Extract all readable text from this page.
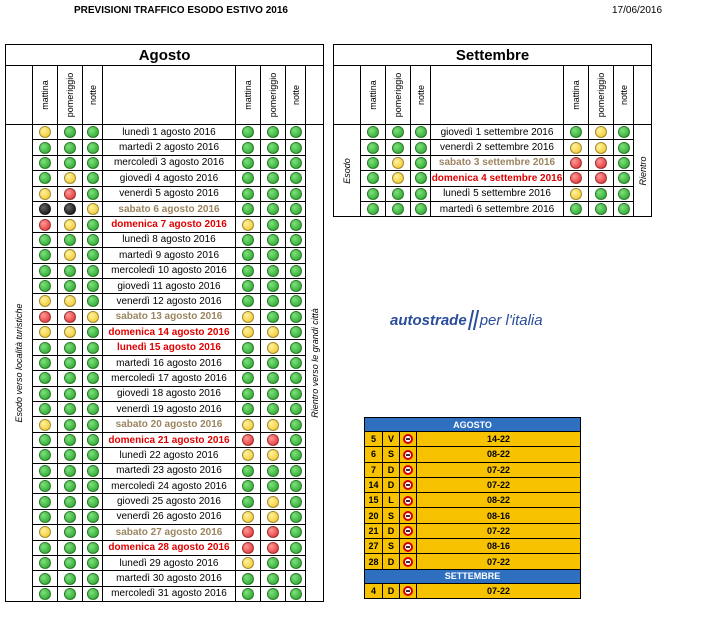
PREVISIONI TRAFFICO ESODO ESTIVO 2016	17/06/2016
Agosto								

	mattina	pomeriggio	notte		mattina	pomeriggio	notte	

Esodo verso località turistiche				lunedì 1 agosto 2016				Rientro verso le grandi città

		martedì 2 agosto 2016		

		mercoledì 3 agosto 2016		

		giovedì 4 agosto 2016		

		venerdì 5 agosto 2016		

		sabato 6 agosto 2016		

		domenica 7 agosto 2016		

		lunedì 8 agosto 2016		

		martedì 9 agosto 2016		

		mercoledì 10 agosto 2016		

		giovedì 11 agosto 2016		

		venerdì 12 agosto 2016		

		sabato 13 agosto 2016		

		domenica 14 agosto 2016		

		lunedì 15 agosto 2016		

		martedì 16 agosto 2016		

		mercoledì 17 agosto 2016		

		giovedì 18 agosto 2016		

		venerdì 19 agosto 2016		

		sabato 20 agosto 2016		

		domenica 21 agosto 2016		

		lunedì 22 agosto 2016		

		martedì 23 agosto 2016		

		mercoledì 24 agosto 2016		

		giovedì 25 agosto 2016		

		venerdì 26 agosto 2016		

		sabato 27 agosto 2016		

		domenica 28 agosto 2016		

		lunedì 29 agosto 2016		

		martedì 30 agosto 2016		

		mercoledì 31 agosto 2016		

Settembre								

	mattina	pomeriggio	notte		mattina	pomeriggio	notte	

Esodo				giovedì 1 settembre 2016				Rientro

		venerdì 2 settembre 2016		

		sabato 3 settembre 2016		

		domenica 4 settembre 2016		

		lunedì 5 settembre 2016		

		martedì 6 settembre 2016		

autostrade per l'italia
AGOSTO			
5	V		14-22
6	S		08-22
7	D		07-22
14	D		07-22
15	L		08-22
20	S		08-16
21	D		07-22
27	S		08-16
28	D		07-22
SETTEMBRE			
4	D		07-22
